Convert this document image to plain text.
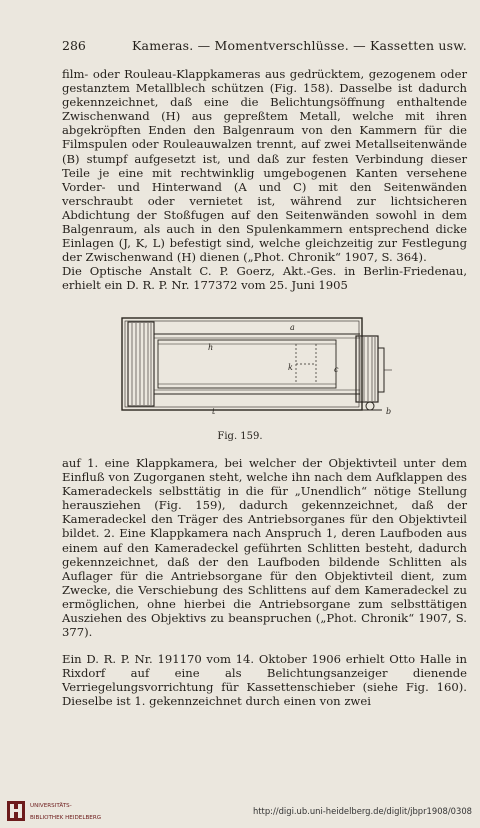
286	Kameras. — Momentverschlüsse. — Kassetten usw.

film- oder Rouleau-Klappkameras aus gedrücktem, gezogenem oder gestanztem Metallblech schützen (Fig. 158). Dasselbe ist dadurch gekennzeichnet, daß eine die Belichtungsöffnung enthaltende Zwischenwand (H) aus gepreßtem Metall, welche mit ihren abgekröpften Enden den Balgenraum von den Kammern für die Filmspulen oder Rouleauwalzen trennt, auf zwei Metallseitenwände (B) stumpf aufgesetzt ist, und daß zur festen Verbindung dieser Teile je eine mit rechtwinklig umgebogenen Kanten versehene Vorder- und Hinterwand (A und C) mit den Seitenwänden verschraubt oder vernietet ist, während zur lichtsicheren Abdichtung der Stoßfugen auf den Seitenwänden sowohl in dem Balgenraum, als auch in den Spulenkammern entsprechend dicke Einlagen (J, K, L) befestigt sind, welche gleichzeitig zur Festlegung der Zwischenwand (H) dienen („Phot. Chronik“ 1907, S. 364).

Die Optische Anstalt C. P. Goerz, Akt.-Ges. in Berlin-Friedenau, erhielt ein D. R. P. Nr. 177372 vom 25. Juni 1905

a
h
k	c
t	b
Fig. 159.

auf 1. eine Klappkamera, bei welcher der Objektivteil unter dem Einfluß von Zugorganen steht, welche ihn nach dem Aufklappen des Kameradeckels selbsttätig in die für „Unendlich“ nötige Stellung herausziehen (Fig. 159), dadurch gekennzeichnet, daß der Kameradeckel den Träger des Antriebsorganes für den Objektivteil bildet. 2. Eine Klappkamera nach Anspruch 1, deren Laufboden aus einem auf den Kameradeckel geführten Schlitten besteht, dadurch gekennzeichnet, daß der den Laufboden bildende Schlitten als Auflager für die Antriebsorgane für den Objektivteil dient, zum Zwecke, die Verschiebung des Schlittens auf dem Kameradeckel zu ermöglichen, ohne hierbei die Antriebsorgane zum selbsttätigen Ausziehen des Objektivs zu beanspruchen („Phot. Chronik“ 1907, S. 377).

Ein D. R. P. Nr. 191170 vom 14. Oktober 1906 erhielt Otto Halle in Rixdorf auf eine als Belichtungsanzeiger dienende Verriegelungsvorrichtung für Kassettenschieber (siehe Fig. 160). Dieselbe ist 1. gekennzeichnet durch einen von zwei

UNIVERSITÄTS-
BIBLIOTHEK HEIDELBERG
http://digi.ub.uni-heidelberg.de/diglit/jbpr1908/0308
